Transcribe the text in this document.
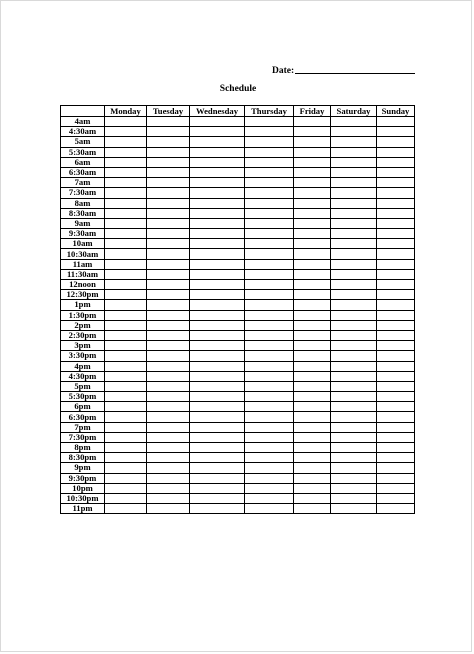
Date:
Schedule
	Monday	Tuesday	Wednesday	Thursday	Friday	Saturday	Sunday
4am							
4:30am							
5am							
5:30am							
6am							
6:30am							
7am							
7:30am							
8am							
8:30am							
9am							
9:30am							
10am							
10:30am							
11am							
11:30am							
12noon							
12:30pm							
1pm							
1:30pm							
2pm							
2:30pm							
3pm							
3:30pm							
4pm							
4:30pm							
5pm							
5:30pm							
6pm							
6:30pm							
7pm							
7:30pm							
8pm							
8:30pm							
9pm							
9:30pm							
10pm							
10:30pm							
11pm							
